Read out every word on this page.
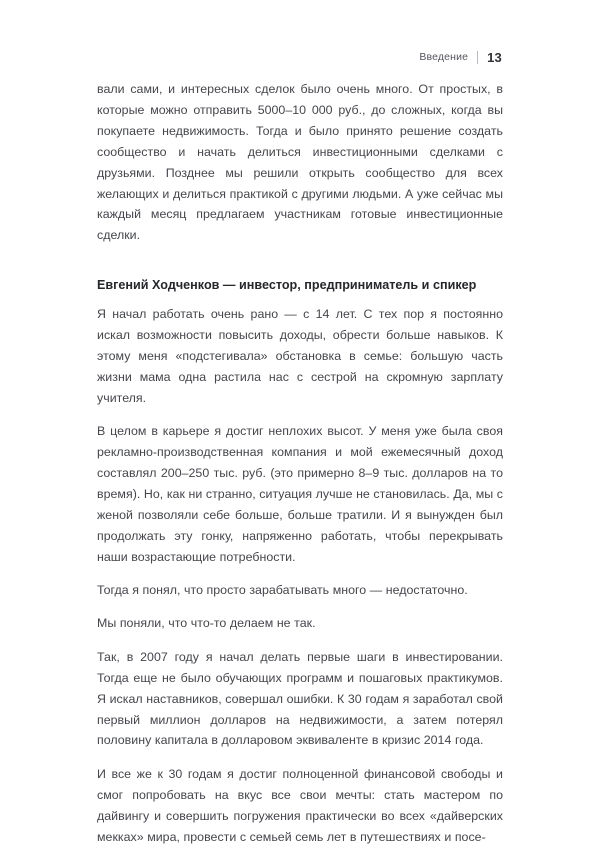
Введение 13

вали сами, и интересных сделок было очень много. От простых, в которые можно отправить 5000–10 000 руб., до сложных, когда вы покупаете недвижимость. Тогда и было принято решение создать сообщество и начать делиться инвестиционными сделками с друзьями. Позднее мы решили открыть сообщество для всех желающих и делиться практикой с другими людьми. А уже сейчас мы каждый месяц предлагаем участникам готовые инвестиционные сделки.

Евгений Ходченков — инвестор, предприниматель и спикер

Я начал работать очень рано — с 14 лет. С тех пор я постоянно искал возможности повысить доходы, обрести больше навыков. К этому меня «подстегивала» обстановка в семье: большую часть жизни мама одна растила нас с сестрой на скромную зарплату учителя.

В целом в карьере я достиг неплохих высот. У меня уже была своя рекламно-производственная компания и мой ежемесячный доход составлял 200–250 тыс. руб. (это примерно 8–9 тыс. долларов на то время). Но, как ни странно, ситуация лучше не становилась. Да, мы с женой позволяли себе больше, больше тратили. И я вынужден был продолжать эту гонку, напряженно работать, чтобы перекрывать наши возрастающие потребности.

Тогда я понял, что просто зарабатывать много — недостаточно.

Мы поняли, что что-то делаем не так.

Так, в 2007 году я начал делать первые шаги в инвестировании. Тогда еще не было обучающих программ и пошаговых практикумов. Я искал наставников, совершал ошибки. К 30 годам я заработал свой первый миллион долларов на недвижимости, а затем потерял половину капитала в долларовом эквиваленте в кризис 2014 года.

И все же к 30 годам я достиг полноценной финансовой свободы и смог попробовать на вкус все свои мечты: стать мастером по дайвингу и совершить погружения практически во всех «дайверских мекках» мира, провести с семьей семь лет в путешествиях и посе-
